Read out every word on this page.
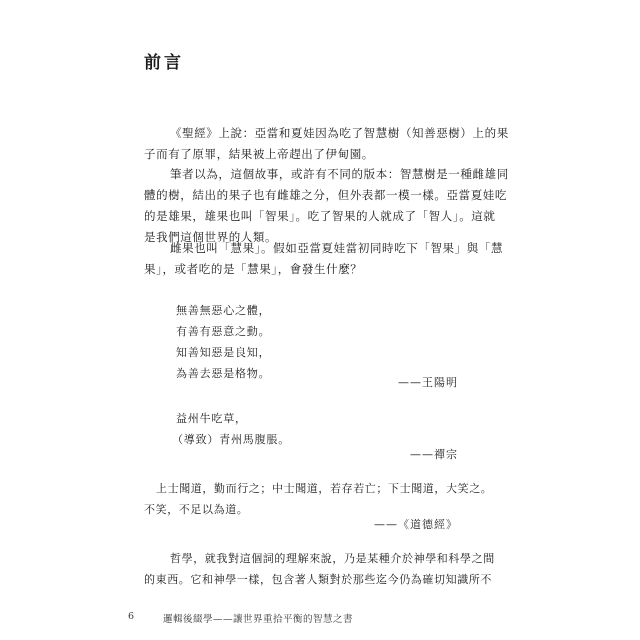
前言

《聖經》上說：亞當和夏娃因為吃了智慧樹（知善惡樹）上的果
子而有了原罪，結果被上帝趕出了伊甸園。

筆者以為，這個故事，或許有不同的版本：智慧樹是一種雌雄同
體的樹，結出的果子也有雌雄之分，但外表都一模一樣。亞當夏娃吃
的是雄果，雄果也叫「智果」。吃了智果的人就成了「智人」。這就
是我們這個世界的人類。

雌果也叫「慧果」。假如亞當夏娃當初同時吃下「智果」與「慧
果」，或者吃的是「慧果」，會發生什麼？

無善無惡心之體，
有善有惡意之動。
知善知惡是良知，
為善去惡是格物。
——王陽明
益州牛吃草，
（導致）青州馬腹脹。
——禪宗
上士聞道，勤而行之；中士聞道，若存若亡；下士聞道，大笑之。
不笑，不足以為道。
——《道德經》
哲學，就我對這個詞的理解來說，乃是某種介於神學和科學之間
的東西。它和神學一樣，包含著人類對於那些迄今仍為確切知識所不
6	邏輯後綴學——讓世界重拾平衡的智慧之書
